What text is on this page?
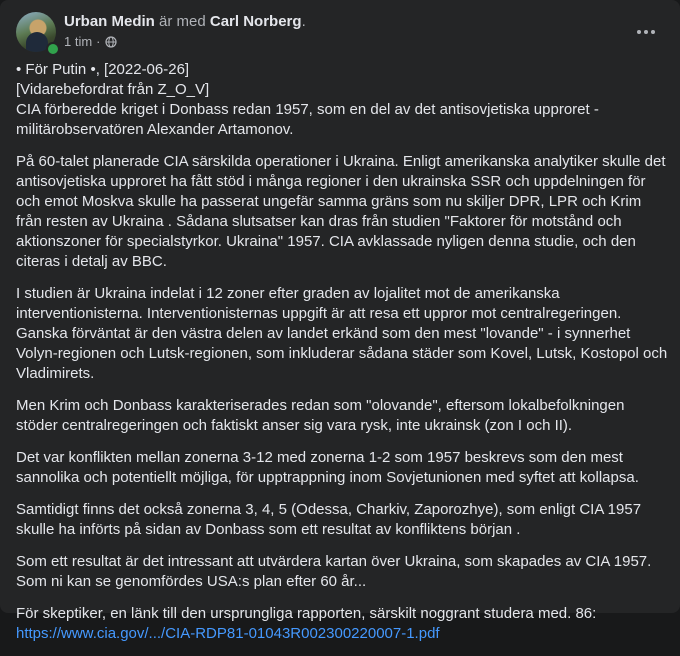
Urban Medin är med Carl Norberg.
1 tim ·

• För Putin •, [2022-06-26]
[Vidarebefordrat från Z_O_V]
CIA förberedde kriget i Donbass redan 1957, som en del av det antisovjetiska upproret - militärobservatören Alexander Artamonov.

På 60-talet planerade CIA särskilda operationer i Ukraina. Enligt amerikanska analytiker skulle det antisovjetiska upproret ha fått stöd i många regioner i den ukrainska SSR och uppdelningen för och emot Moskva skulle ha passerat ungefär samma gräns som nu skiljer DPR, LPR och Krim från resten av Ukraina . Sådana slutsatser kan dras från studien "Faktorer för motstånd och aktionszoner för specialstyrkor. Ukraina" 1957. CIA avklassade nyligen denna studie, och den citeras i detalj av BBC.

I studien är Ukraina indelat i 12 zoner efter graden av lojalitet mot de amerikanska interventionisterna. Interventionisternas uppgift är att resa ett uppror mot centralregeringen. Ganska förväntat är den västra delen av landet erkänd som den mest "lovande" - i synnerhet Volyn-regionen och Lutsk-regionen, som inkluderar sådana städer som Kovel, Lutsk, Kostopol och Vladimirets.

Men Krim och Donbass karakteriserades redan som "olovande", eftersom lokalbefolkningen stöder centralregeringen och faktiskt anser sig vara rysk, inte ukrainsk (zon I och II).

Det var konflikten mellan zonerna 3-12 med zonerna 1-2 som 1957 beskrevs som den mest sannolika och potentiellt möjliga, för upptrappning inom Sovjetunionen med syftet att kollapsa.

Samtidigt finns det också zonerna 3, 4, 5 (Odessa, Charkiv, Zaporozhye), som enligt CIA 1957 skulle ha införts på sidan av Donbass som ett resultat av konfliktens början .

Som ett resultat är det intressant att utvärdera kartan över Ukraina, som skapades av CIA 1957. Som ni kan se genomfördes USA:s plan efter 60 år...

För skeptiker, en länk till den ursprungliga rapporten, särskilt noggrant studera med. 86:
https://www.cia.gov/.../CIA-RDP81-01043R002300220007-1.pdf
